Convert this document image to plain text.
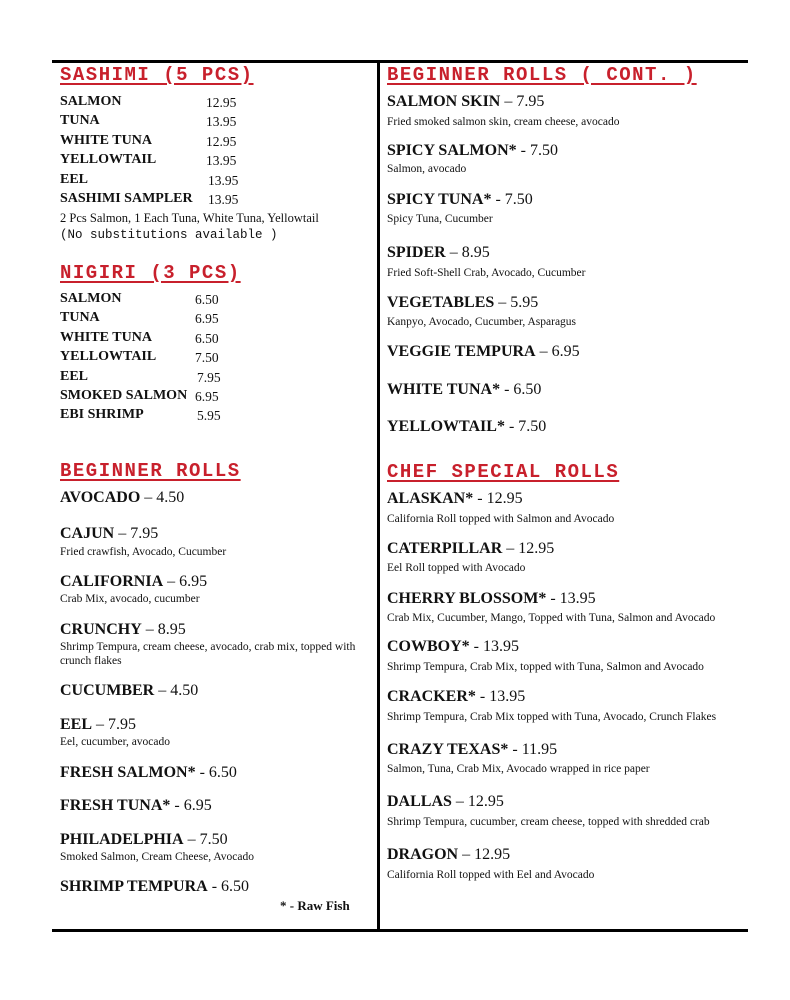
SASHIMI (5 PCS)
SALMON	12.95
TUNA	13.95
WHITE TUNA	12.95
YELLOWTAIL	13.95
EEL	13.95
SASHIMI SAMPLER 13.95
2 Pcs Salmon, 1 Each Tuna, White Tuna, Yellowtail
(No substitutions available )
NIGIRI (3 PCS)
SALMON	6.50
TUNA	6.95
WHITE TUNA	6.50
YELLOWTAIL	7.50
EEL	7.95
SMOKED SALMON 6.95
EBI SHRIMP	5.95
BEGINNER ROLLS
AVOCADO – 4.50
CAJUN – 7.95
Fried crawfish, Avocado, Cucumber
CALIFORNIA – 6.95
Crab Mix, avocado, cucumber
CRUNCHY – 8.95
Shrimp Tempura, cream cheese, avocado, crab mix, topped with crunch flakes
CUCUMBER – 4.50
EEL – 7.95
Eel, cucumber, avocado
FRESH SALMON* - 6.50
FRESH TUNA* - 6.95
PHILADELPHIA – 7.50
Smoked Salmon, Cream Cheese, Avocado
SHRIMP TEMPURA - 6.50
* - Raw Fish
BEGINNER ROLLS ( CONT. )
SALMON SKIN – 7.95
Fried smoked salmon skin, cream cheese, avocado
SPICY SALMON* - 7.50
Salmon, avocado
SPICY TUNA* - 7.50
Spicy Tuna, Cucumber
SPIDER – 8.95
Fried Soft-Shell Crab, Avocado, Cucumber
VEGETABLES – 5.95
Kanpyo, Avocado, Cucumber, Asparagus
VEGGIE TEMPURA – 6.95
WHITE TUNA* - 6.50
YELLOWTAIL* - 7.50
CHEF SPECIAL ROLLS
ALASKAN* - 12.95
California Roll topped with Salmon and Avocado
CATERPILLAR – 12.95
Eel Roll topped with Avocado
CHERRY BLOSSOM* - 13.95
Crab Mix, Cucumber, Mango, Topped with Tuna, Salmon and Avocado
COWBOY* - 13.95
Shrimp Tempura, Crab Mix, topped with Tuna, Salmon and Avocado
CRACKER* - 13.95
Shrimp Tempura, Crab Mix topped with Tuna, Avocado, Crunch Flakes
CRAZY TEXAS* - 11.95
Salmon, Tuna, Crab Mix, Avocado wrapped in rice paper
DALLAS – 12.95
Shrimp Tempura, cucumber, cream cheese, topped with shredded crab
DRAGON – 12.95
California Roll topped with Eel and Avocado
